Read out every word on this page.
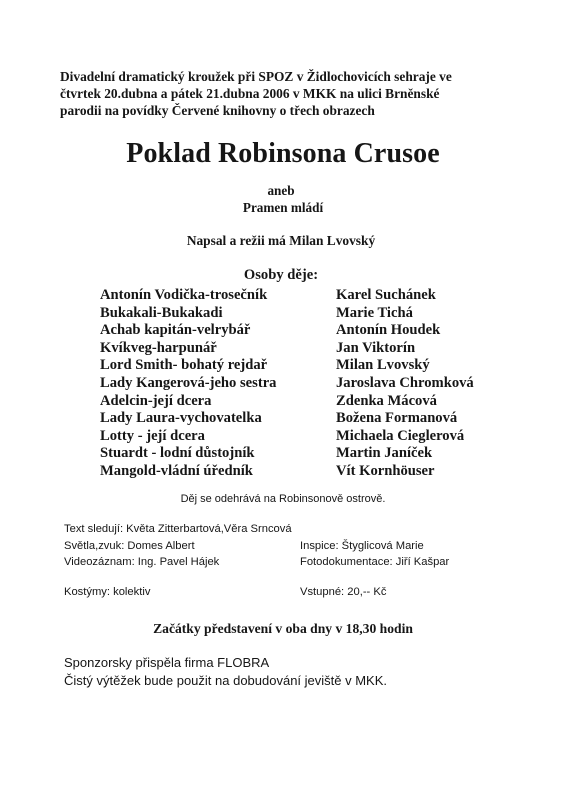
Divadelní dramatický kroužek při SPOZ v Židlochovicích sehraje ve
čtvrtek 20.dubna a pátek 21.dubna 2006 v MKK na ulici Brněnské
parodii na povídky Červené knihovny o třech obrazech
Poklad Robinsona Crusoe
aneb
Pramen mládí
Napsal a režii má Milan Lvovský
Osoby děje:
Antonín Vodička-trosečník	Karel Suchánek
Bukakali-Bukakadi	Marie Tichá
Achab kapitán-velrybář	Antonín Houdek
Kvíkveg-harpunář	Jan Viktorín
Lord Smith- bohatý rejdař	Milan Lvovský
Lady Kangerová-jeho sestra	Jaroslava Chromková
Adelcin-její dcera	Zdenka Mácová
Lady Laura-vychovatelka	Božena Formanová
Lotty - její dcera	Michaela Cieglerová
Stuardt - lodní důstojník	Martin Janíček
Mangold-vládní úředník	Vít Kornhöuser
Děj se odehrává na Robinsonově ostrově.
Text sledují: Květa Zitterbartová,Věra Srncová
Světla,zvuk: Domes Albert	Inspice: Štyglicová Marie
Videozáznam: Ing. Pavel Hájek	Fotodokumentace: Jiří Kašpar
Kostýmy: kolektiv	Vstupné: 20,-- Kč
Začátky představení v oba dny v 18,30 hodin
Sponzorsky přispěla firma FLOBRA
Čistý výtěžek bude použit na dobudování jeviště v MKK.
